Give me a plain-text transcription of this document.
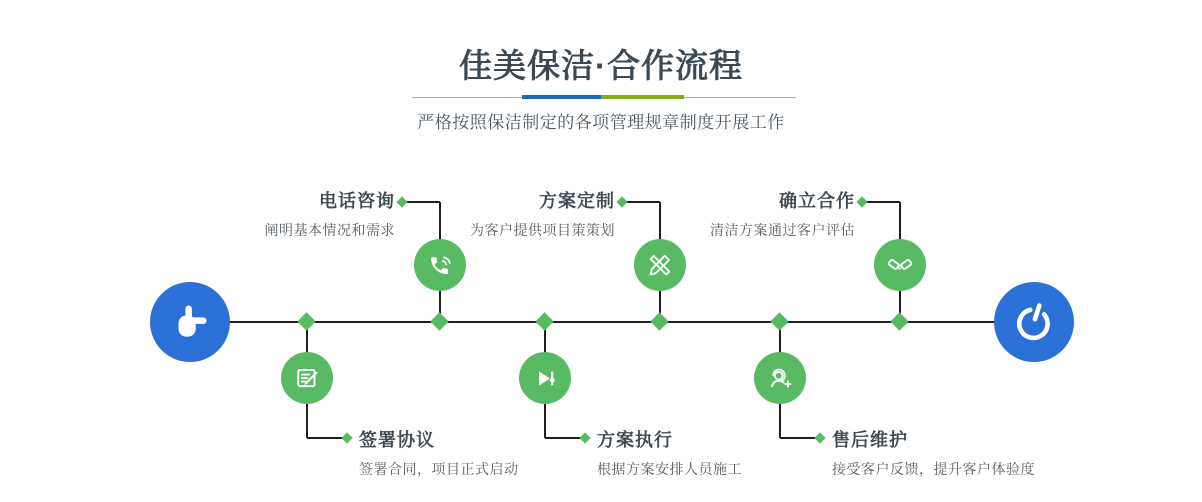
佳美保洁·合作流程

严格按照保洁制定的各项管理规章制度开展工作

电话咨询
阐明基本情况和需求
方案定制
为客户提供项目策策划
确立合作
清洁方案通过客户评估
签署协议
签署合同，项目正式启动
方案执行
根据方案安排人员施工
售后维护
接受客户反馈，提升客户体验度
